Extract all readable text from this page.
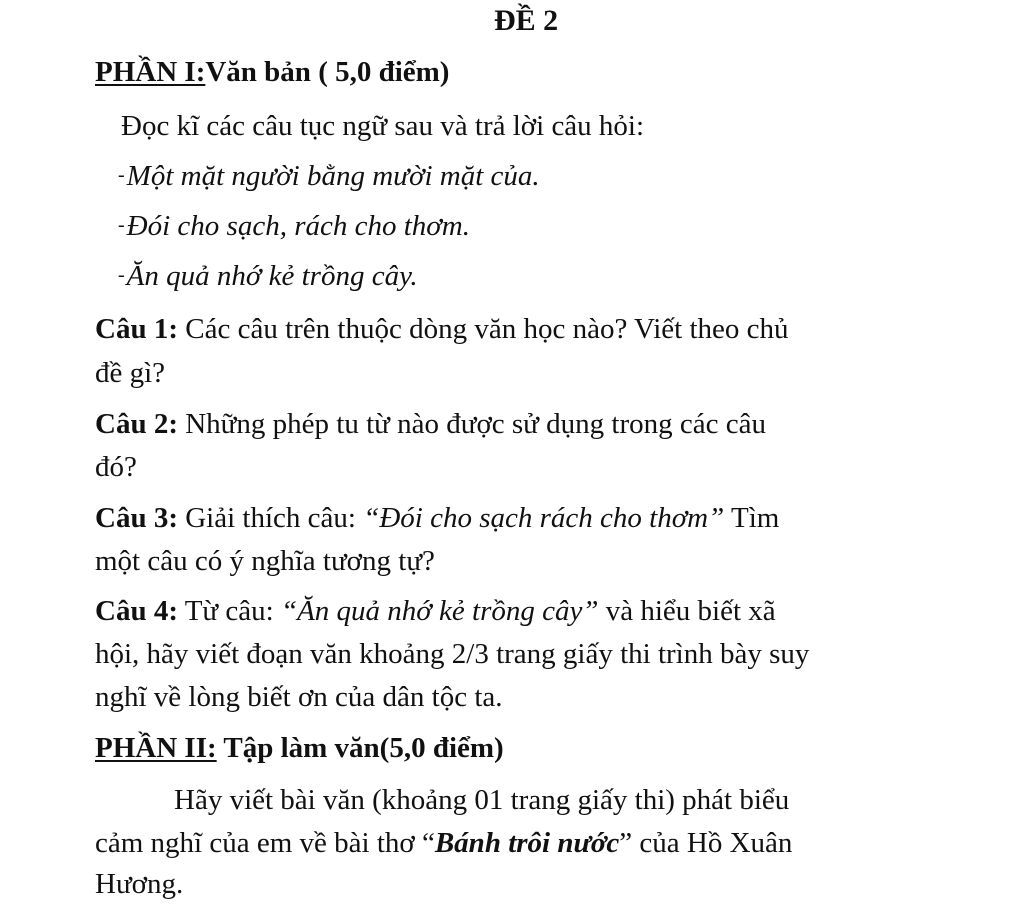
ĐỀ 2
PHẦN I:Văn bản ( 5,0 điểm)
Đọc kĩ các câu tục ngữ sau và trả lời câu hỏi:
-Một mặt người bằng mười mặt của.
-Đói cho sạch, rách cho thơm.
-Ăn quả nhớ kẻ trồng cây.
Câu 1: Các câu trên thuộc dòng văn học nào? Viết theo chủ
đề gì?
Câu 2: Những phép tu từ nào được sử dụng trong các câu
đó?
Câu 3: Giải thích câu: “Đói cho sạch rách cho thơm” Tìm
một câu có ý nghĩa tương tự?
Câu 4: Từ câu: “Ăn quả nhớ kẻ trồng cây” và hiểu biết xã
hội, hãy viết đoạn văn khoảng 2/3 trang giấy thi trình bày suy
nghĩ về lòng biết ơn của dân tộc ta.
PHẦN II: Tập làm văn(5,0 điểm)
Hãy viết bài văn (khoảng 01 trang giấy thi) phát biểu
cảm nghĩ của em về bài thơ “Bánh trôi nước” của Hồ Xuân
Hương.
